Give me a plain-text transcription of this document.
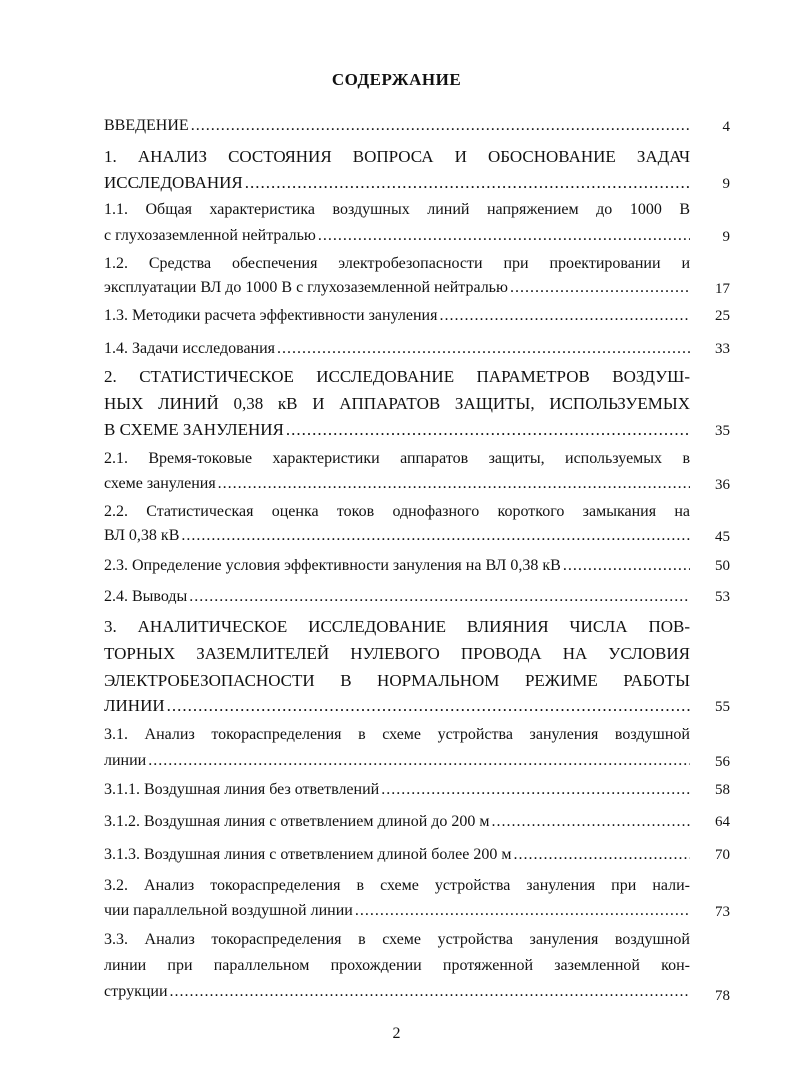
СОДЕРЖАНИЕ
ВВЕДЕНИЕ .....	4
1. АНАЛИЗ СОСТОЯНИЯ ВОПРОСА И ОБОСНОВАНИЕ ЗАДАЧ
ИССЛЕДОВАНИЯ .....	9
1.1. Общая характеристика воздушных линий напряжением до 1000 В
с глухозаземленной нейтралью .....	9
1.2. Средства обеспечения электробезопасности при проектировании и
эксплуатации ВЛ до 1000 В с глухозаземленной нейтралью .....	17
1.3. Методики расчета эффективности зануления .....	25
1.4. Задачи исследования .....	33
2. СТАТИСТИЧЕСКОЕ ИССЛЕДОВАНИЕ ПАРАМЕТРОВ ВОЗДУШ-
НЫХ ЛИНИЙ 0,38 кВ И АППАРАТОВ ЗАЩИТЫ, ИСПОЛЬЗУЕМЫХ
В СХЕМЕ ЗАНУЛЕНИЯ .....	35
2.1. Время-токовые характеристики аппаратов защиты, используемых в
схеме зануления .....	36
2.2. Статистическая оценка токов однофазного короткого замыкания на
ВЛ 0,38 кВ .....	45
2.3. Определение условия эффективности зануления на ВЛ 0,38 кВ .....	50
2.4. Выводы .....	53
3. АНАЛИТИЧЕСКОЕ ИССЛЕДОВАНИЕ ВЛИЯНИЯ ЧИСЛА ПОВ-
ТОРНЫХ ЗАЗЕМЛИТЕЛЕЙ НУЛЕВОГО ПРОВОДА НА УСЛОВИЯ
ЭЛЕКТРОБЕЗОПАСНОСТИ В НОРМАЛЬНОМ РЕЖИМЕ РАБОТЫ
ЛИНИИ .....	55
3.1. Анализ токораспределения в схеме устройства зануления воздушной
линии .....	56
3.1.1. Воздушная линия без ответвлений .....	58
3.1.2. Воздушная линия с ответвлением длиной до 200 м .....	64
3.1.3. Воздушная линия с ответвлением длиной более 200 м .....	70
3.2. Анализ токораспределения в схеме устройства зануления при нали-
чии параллельной воздушной линии .....	73
3.3. Анализ токораспределения в схеме устройства зануления воздушной
линии при параллельном прохождении протяженной заземленной кон-
струкции .....	78
2
